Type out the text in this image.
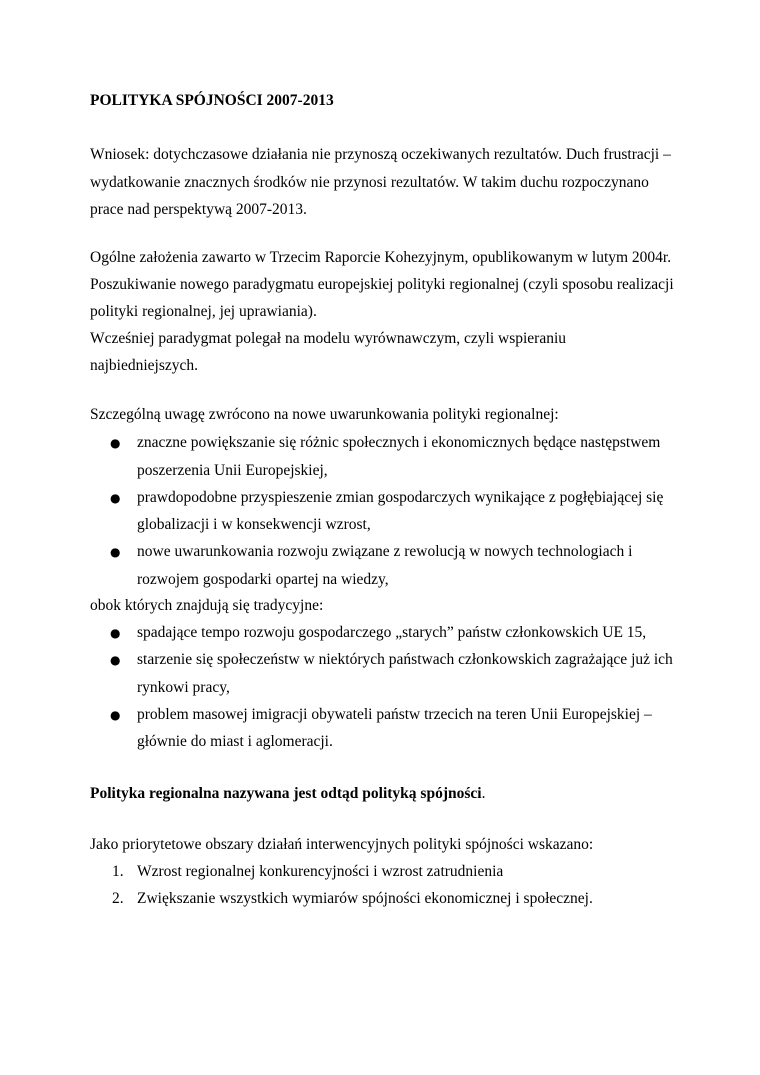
POLITYKA SPÓJNOŚCI 2007-2013
Wniosek: dotychczasowe działania nie przynoszą oczekiwanych rezultatów. Duch frustracji –
wydatkowanie znacznych środków nie przynosi rezultatów. W takim duchu rozpoczynano
prace nad perspektywą 2007-2013.
Ogólne założenia zawarto w Trzecim Raporcie Kohezyjnym, opublikowanym w lutym 2004r.
Poszukiwanie nowego paradygmatu europejskiej polityki regionalnej (czyli sposobu realizacji
polityki regionalnej, jej uprawiania).
Wcześniej paradygmat polegał na modelu wyrównawczym, czyli wspieraniu
najbiedniejszych.
Szczególną uwagę zwrócono na nowe uwarunkowania polityki regionalnej:
● znaczne powiększanie się różnic społecznych i ekonomicznych będące następstwem
poszerzenia Unii Europejskiej,
● prawdopodobne przyspieszenie zmian gospodarczych wynikające z pogłębiającej się
globalizacji i w konsekwencji wzrost,
● nowe uwarunkowania rozwoju związane z rewolucją w nowych technologiach i
rozwojem gospodarki opartej na wiedzy,
obok których znajdują się tradycyjne:
● spadające tempo rozwoju gospodarczego „starych” państw członkowskich UE 15,
● starzenie się społeczeństw w niektórych państwach członkowskich zagrażające już ich
rynkowi pracy,
● problem masowej imigracji obywateli państw trzecich na teren Unii Europejskiej –
głównie do miast i aglomeracji.
Polityka regionalna nazywana jest odtąd polityką spójności.
Jako priorytetowe obszary działań interwencyjnych polityki spójności wskazano:
1. Wzrost regionalnej konkurencyjności i wzrost zatrudnienia
2. Zwiększanie wszystkich wymiarów spójności ekonomicznej i społecznej.
